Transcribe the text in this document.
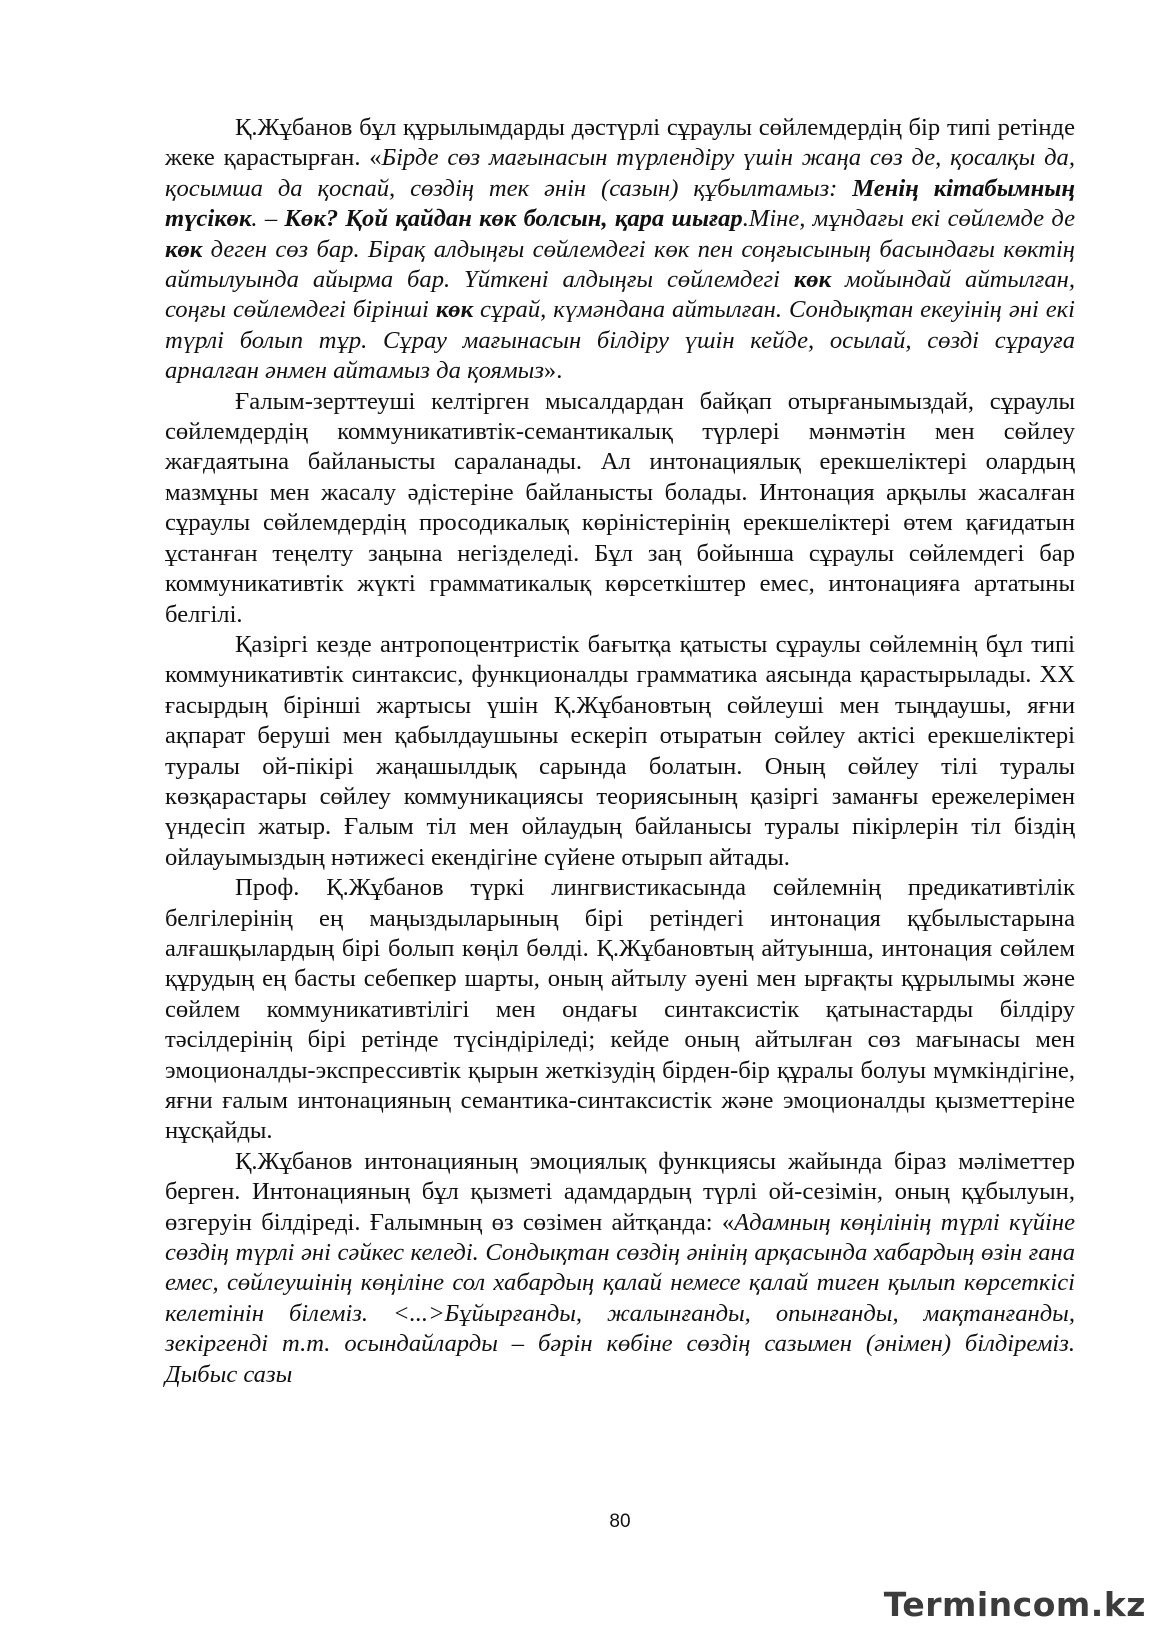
Қ.Жұбанов бұл құрылымдарды дәстүрлі сұраулы сөйлемдердің бір типі ретінде жеке қарастырған. «Бірде сөз мағынасын түрлендіру үшін жаңа сөз де, қосалқы да, қосымша да қоспай, сөздің тек әнін (сазын) құбылтамыз: Менің кітабымның түсікөк. – Көк? Қой қайдан көк болсын, қара шығар.Міне, мұндағы екі сөйлемде де көк деген сөз бар. Бірақ алдыңғы сөйлемдегі көк пен соңғысының басындағы көктің айтылуында айырма бар. Үйткені алдыңғы сөйлемдегі көк мойындай айтылған, соңғы сөйлемдегі бірінші көк сұрай, күмәндана айтылған. Сондықтан екеуінің әні екі түрлі болып тұр. Сұрау мағынасын білдіру үшін кейде, осылай, сөзді сұрауға арналған әнмен айтамыз да қоямыз».

Ғалым-зерттеуші келтірген мысалдардан байқап отырғанымыздай, сұраулы сөйлемдердің коммуникативтік-семантикалық түрлері мәнмәтін мен сөйлеу жағдаятына байланысты сараланады. Ал интонациялық ерекшеліктері олардың мазмұны мен жасалу әдістеріне байланысты болады. Интонация арқылы жасалған сұраулы сөйлемдердің просодикалық көріністерінің ерекшеліктері өтем қағидатын ұстанған теңелту заңына негізделеді. Бұл заң бойынша сұраулы сөйлемдегі бар коммуникативтік жүкті грамматикалық көрсеткіштер емес, интонацияға артатыны белгілі.

Қазіргі кезде антропоцентристік бағытқа қатысты сұраулы сөйлемнің бұл типі коммуникативтік синтаксис, функционалды грамматика аясында қарастырылады. ХХ ғасырдың бірінші жартысы үшін Қ.Жұбановтың сөйлеуші мен тыңдаушы, яғни ақпарат беруші мен қабылдаушыны ескеріп отыратын сөйлеу актісі ерекшеліктері туралы ой-пікірі жаңашылдық сарында болатын. Оның сөйлеу тілі туралы көзқарастары сөйлеу коммуникациясы теориясының қазіргі заманғы ережелерімен үндесіп жатыр. Ғалым тіл мен ойлаудың байланысы туралы пікірлерін тіл біздің ойлауымыздың нәтижесі екендігіне сүйене отырып айтады.

Проф. Қ.Жұбанов түркі лингвистикасында сөйлемнің предикативтілік белгілерінің ең маңыздыларының бірі ретіндегі интонация құбылыстарына алғашқылардың бірі болып көңіл бөлді. Қ.Жұбановтың айтуынша, интонация сөйлем құрудың ең басты себепкер шарты, оның айтылу әуені мен ырғақты құрылымы және сөйлем коммуникативтілігі мен ондағы синтаксистік қатынастарды білдіру тәсілдерінің бірі ретінде түсіндіріледі; кейде оның айтылған сөз мағынасы мен эмоционалды-экспрессивтік қырын жеткізудің бірден-бір құралы болуы мүмкіндігіне, яғни ғалым интонацияның семантика-синтаксистік және эмоционалды қызметтеріне нұсқайды.

Қ.Жұбанов интонацияның эмоциялық функциясы жайында біраз мәліметтер берген. Интонацияның бұл қызметі адамдардың түрлі ой-сезімін, оның құбылуын, өзгеруін білдіреді. Ғалымның өз сөзімен айтқанда: «Адамның көңілінің түрлі күйіне сөздің түрлі әні сәйкес келеді. Сондықтан сөздің әнінің арқасында хабардың өзін ғана емес, сөйлеушінің көңіліне сол хабардың қалай немесе қалай тиген қылып көрсеткісі келетінін білеміз. <...>Бұйырғанды, жалынғанды, опынғанды, мақтанғанды, зекіргенді т.т. осындайларды – бәрін көбіне сөздің сазымен (әнімен) білдіреміз. Дыбыс сазы

80
Termincom.kz
